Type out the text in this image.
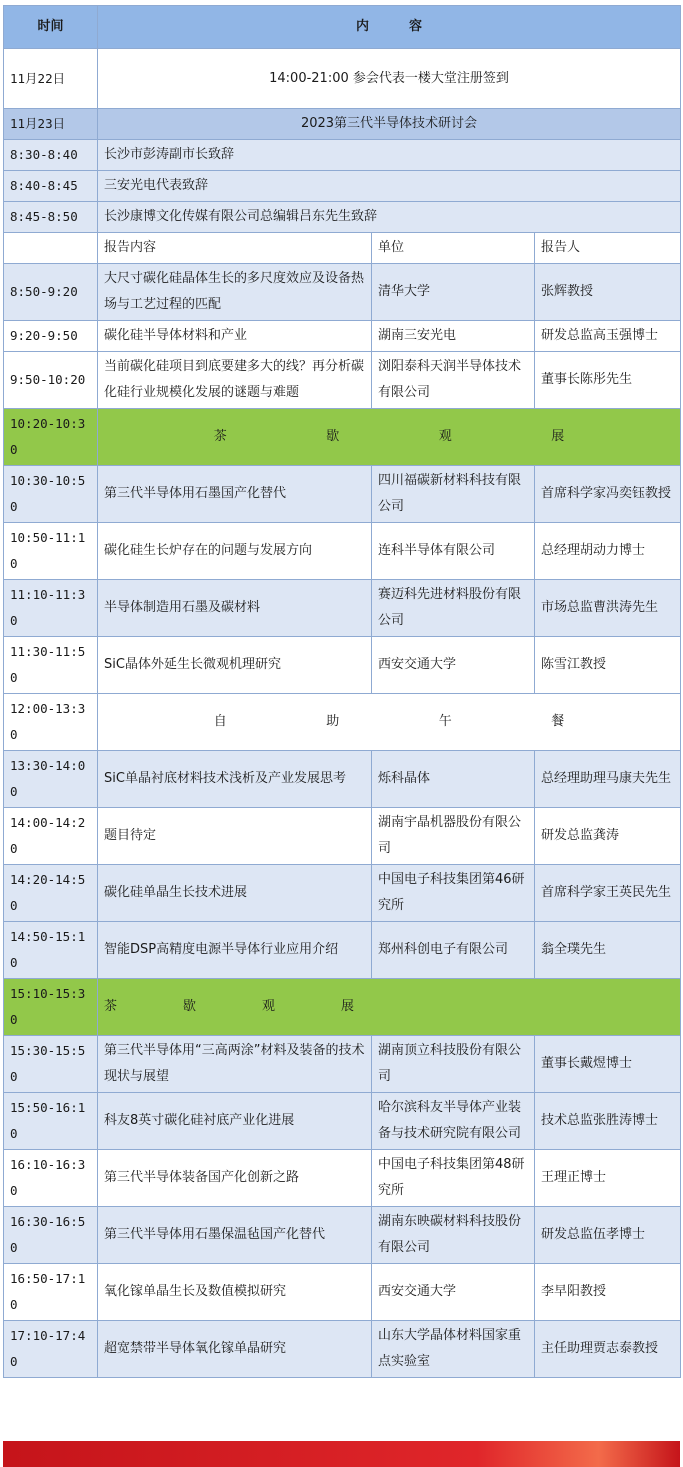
时间	内容		
11月22日	14:00-21:00 参会代表一楼大堂注册签到		
11月23日	2023第三代半导体技术研讨会		
8:30-8:40	长沙市彭涛副市长致辞		
8:40-8:45	三安光电代表致辞		
8:45-8:50	长沙康博文化传媒有限公司总编辑吕东先生致辞		
	报告内容	单位	报告人
8:50-9:20	大尺寸碳化硅晶体生长的多尺度效应及设备热场与工艺过程的匹配	清华大学	张辉教授
9:20-9:50	碳化硅半导体材料和产业	湖南三安光电	研发总监高玉强博士
9:50-10:20	当前碳化硅项目到底要建多大的线？再分析碳化硅行业规模化发展的谜题与难题	浏阳泰科天润半导体技术有限公司	董事长陈彤先生
10:20-10:30	茶 歇 观 展		

10:30-10:50	第三代半导体用石墨国产化替代	四川福碳新材料科技有限公司	首席科学家冯奕钰教授
10:50-11:10	碳化硅生长炉存在的问题与发展方向	连科半导体有限公司	总经理胡动力博士
11:10-11:30	半导体制造用石墨及碳材料	赛迈科先进材料股份有限公司	市场总监曹洪涛先生
11:30-11:50	SiC晶体外延生长微观机理研究	西安交通大学	陈雪江教授
12:00-13:30	自 助 午 餐		

13:30-14:00	SiC单晶衬底材料技术浅析及产业发展思考	烁科晶体	总经理助理马康夫先生
14:00-14:20	题目待定	湖南宇晶机器股份有限公司	研发总监龚涛
14:20-14:50	碳化硅单晶生长技术进展	中国电子科技集团第46研究所	首席科学家王英民先生
14:50-15:10	智能DSP高精度电源半导体行业应用介绍	郑州科创电子有限公司	翁全璞先生
15:10-15:30	茶 歇 观 展		

15:30-15:50	第三代半导体用“三高两涂”材料及装备的技术现状与展望	湖南顶立科技股份有限公司	董事长戴煜博士
15:50-16:10	科友8英寸碳化硅衬底产业化进展	哈尔滨科友半导体产业装备与技术研究院有限公司	技术总监张胜涛博士
16:10-16:30	第三代半导体装备国产化创新之路	中国电子科技集团第48研究所	王理正博士
16:30-16:50	第三代半导体用石墨保温毡国产化替代	湖南东映碳材料科技股份有限公司	研发总监伍孝博士
16:50-17:10	氧化镓单晶生长及数值模拟研究	西安交通大学	李早阳教授
17:10-17:40	超宽禁带半导体氧化镓单晶研究	山东大学晶体材料国家重点实验室	主任助理贾志泰教授
